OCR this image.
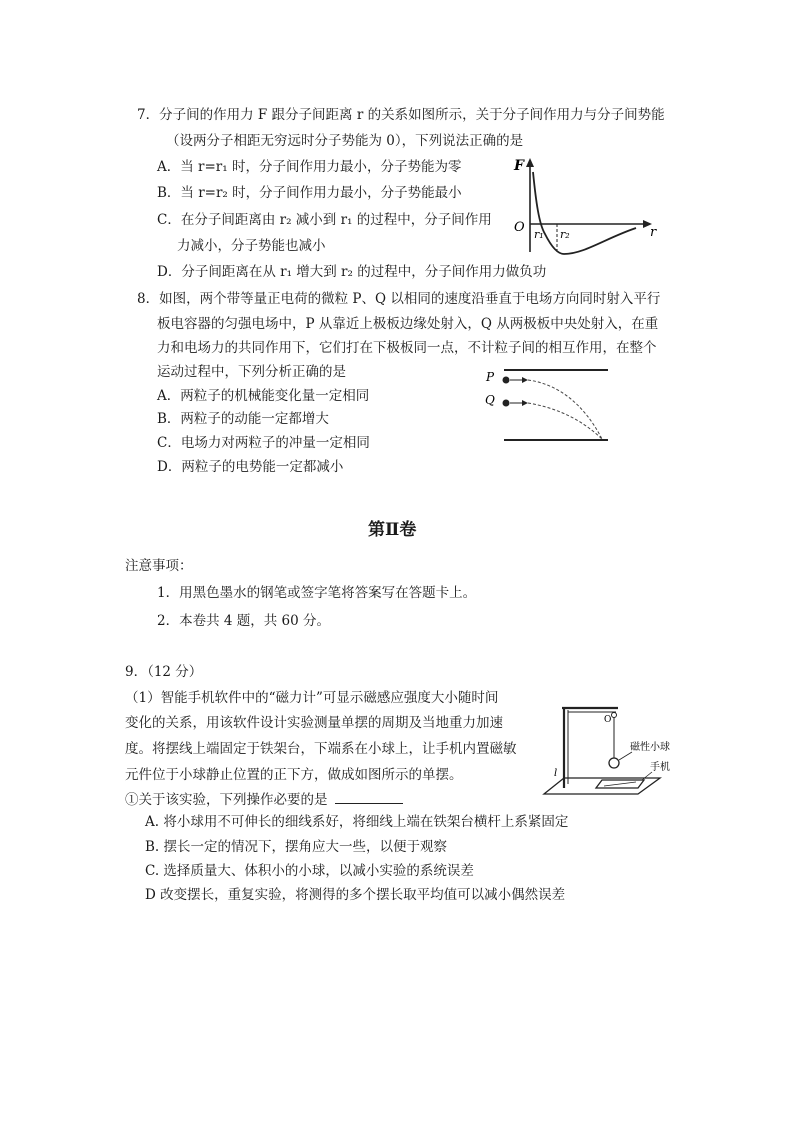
7．分子间的作用力 F 跟分子间距离 r 的关系如图所示，关于分子间作用力与分子间势能
（设两分子相距无穷远时分子势能为 0），下列说法正确的是
A．当 r=r₁ 时，分子间作用力最小，分子势能为零
B．当 r=r₂ 时，分子间作用力最小，分子势能最小
C．在分子间距离由 r₂ 减小到 r₁ 的过程中，分子间作用
力减小，分子势能也减小
D．分子间距离在从 r₁ 增大到 r₂ 的过程中，分子间作用力做负功
F
r
O r₁ r₂
8．如图，两个带等量正电荷的微粒 P、Q 以相同的速度沿垂直于电场方向同时射入平行
板电容器的匀强电场中，P 从靠近上极板边缘处射入，Q 从两极板中央处射入，在重
力和电场力的共同作用下，它们打在下极板同一点，不计粒子间的相互作用，在整个
运动过程中，下列分析正确的是
A．两粒子的机械能变化量一定相同
B．两粒子的动能一定都增大
C．电场力对两粒子的冲量一定相同
D．两粒子的电势能一定都减小
P
Q
第Ⅱ卷
注意事项：
1．用黑色墨水的钢笔或签字笔将答案写在答题卡上。
2．本卷共 4 题，共 60 分。
9．（12 分）
（1）智能手机软件中的“磁力计”可显示磁感应强度大小随时间
变化的关系，用该软件设计实验测量单摆的周期及当地重力加速
度。将摆线上端固定于铁架台，下端系在小球上，让手机内置磁敏
元件位于小球静止位置的正下方，做成如图所示的单摆。
①关于该实验，下列操作必要的是
A. 将小球用不可伸长的细线系好，将细线上端在铁架台横杆上系紧固定
B. 摆长一定的情况下，摆角应大一些，以便于观察
C. 选择质量大、体积小的小球，以减小实验的系统误差
D 改变摆长，重复实验，将测得的多个摆长取平均值可以减小偶然误差
O
磁性小球
手机
l
